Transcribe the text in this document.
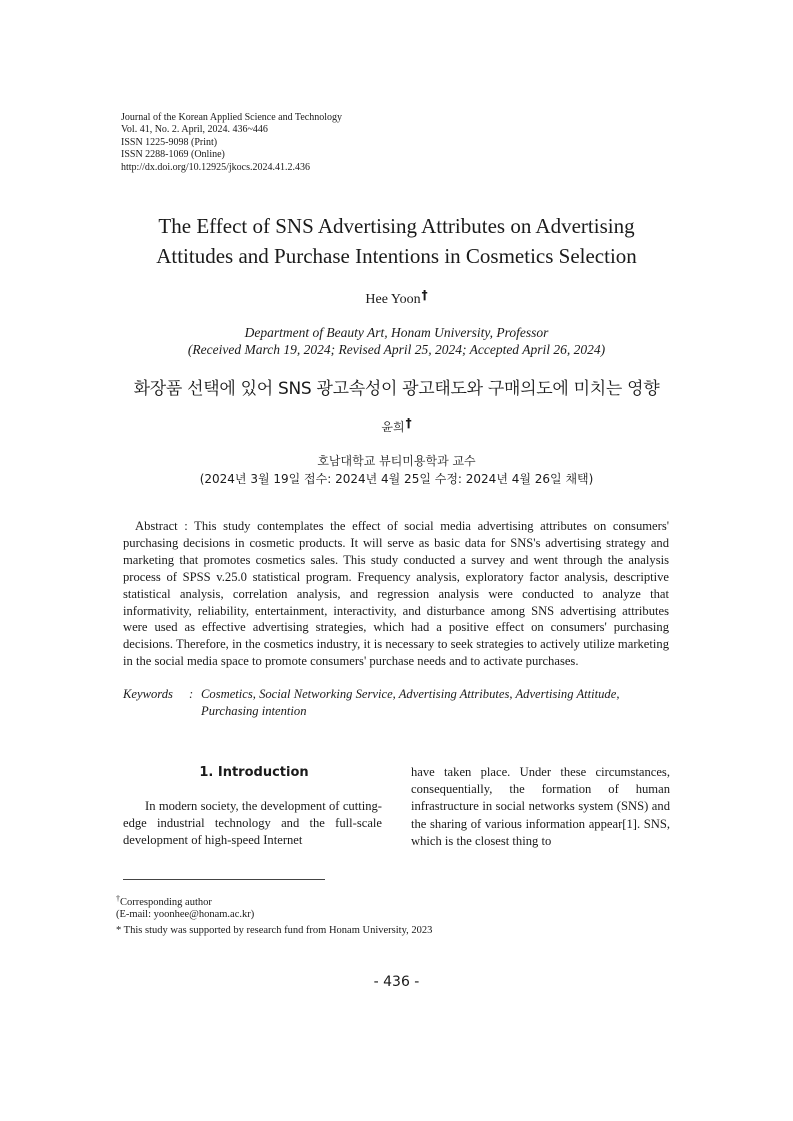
Journal of the Korean Applied Science and Technology
Vol. 41, No. 2. April, 2024. 436~446
ISSN 1225-9098 (Print)
ISSN 2288-1069 (Online)
http://dx.doi.org/10.12925/jkocs.2024.41.2.436
The Effect of SNS Advertising Attributes on Advertising
Attitudes and Purchase Intentions in Cosmetics Selection
Hee Yoon†
Department of Beauty Art, Honam University, Professor
(Received March 19, 2024; Revised April 25, 2024; Accepted April 26, 2024)
화장품 선택에 있어 SNS 광고속성이 광고태도와 구매의도에 미치는 영향
윤희†
호남대학교 뷰티미용학과 교수
(2024년 3월 19일 접수: 2024년 4월 25일 수정: 2024년 4월 26일 채택)
Abstract : This study contemplates the effect of social media advertising attributes on consumers' purchasing decisions in cosmetic products. It will serve as basic data for SNS's advertising strategy and marketing that promotes cosmetics sales. This study conducted a survey and went through the analysis process of SPSS v.25.0 statistical program. Frequency analysis, exploratory factor analysis, descriptive statistical analysis, correlation analysis, and regression analysis were conducted to analyze that informativity, reliability, entertainment, interactivity, and disturbance among SNS advertising attributes were used as effective advertising strategies, which had a positive effect on consumers' purchasing decisions. Therefore, in the cosmetics industry, it is necessary to seek strategies to actively utilize marketing in the social media space to promote consumers' purchase needs and to activate purchases.
Keywords : Cosmetics, Social Networking Service, Advertising Attributes, Advertising Attitude, Purchasing intention
1. Introduction
In modern society, the development of cutting-edge industrial technology and the full-scale development of high-speed Internet
have taken place. Under these circumstances, consequentially, the formation of human infrastructure in social networks system (SNS) and the sharing of various information appear[1]. SNS, which is the closest thing to
†Corresponding author
(E-mail: yoonhee@honam.ac.kr)
* This study was supported by research fund from Honam University, 2023
- 436 -
